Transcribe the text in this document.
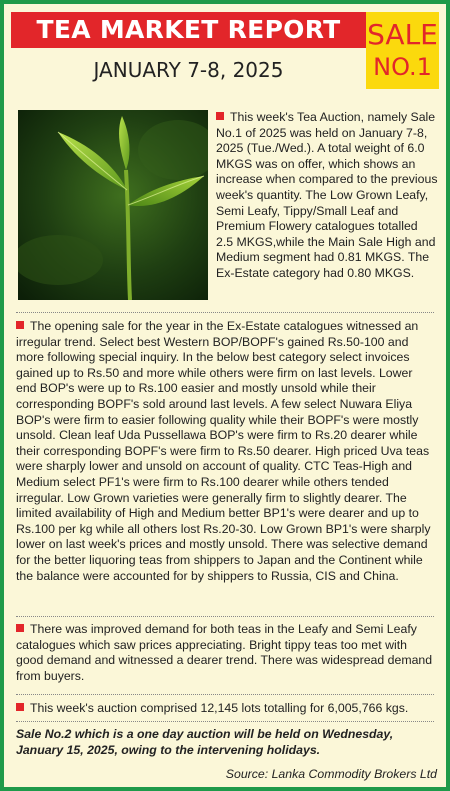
TEA MARKET REPORT
JANUARY 7-8, 2025
SALE
NO.1
This week's Tea Auction, namely Sale No.1 of 2025 was held on January 7-8, 2025 (Tue./Wed.). A total weight of 6.0 MKGS was on offer, which shows an increase when compared to the previous week's quantity. The Low Grown Leafy, Semi Leafy, Tippy/Small Leaf and Premium Flowery catalogues totalled 2.5 MKGS,while the Main Sale High and Medium segment had 0.81 MKGS. The Ex-Estate category had 0.80 MKGS.
The opening sale for the year in the Ex-Estate catalogues witnessed an irregular trend. Select best Western BOP/BOPF's gained Rs.50-100 and more following special inquiry. In the below best category select invoices gained up to Rs.50 and more while others were firm on last levels. Lower end BOP's were up to Rs.100 easier and mostly unsold while their corresponding BOPF's sold around last levels. A few select Nuwara Eliya BOP's were firm to easier following quality while their BOPF's were mostly unsold. Clean leaf Uda Pussellawa BOP's were firm to Rs.20 dearer while their corresponding BOPF's were firm to Rs.50 dearer. High priced Uva teas were sharply lower and unsold on account of quality. CTC Teas-High and Medium select PF1's were firm to Rs.100 dearer while others tended irregular. Low Grown varieties were generally firm to slightly dearer. The limited availability of High and Medium better BP1's were dearer and up to Rs.100 per kg while all others lost Rs.20-30. Low Grown BP1's were sharply lower on last week's prices and mostly unsold. There was selective demand for the better liquoring teas from shippers to Japan and the Continent while the balance were accounted for by shippers to Russia, CIS and China.
There was improved demand for both teas in the Leafy and Semi Leafy catalogues which saw prices appreciating. Bright tippy teas too met with good demand and witnessed a dearer trend. There was widespread demand from buyers.
This week's auction comprised 12,145 lots totalling for 6,005,766 kgs.
Sale No.2 which is a one day auction will be held on Wednesday, January 15, 2025, owing to the intervening holidays.
Source: Lanka Commodity Brokers Ltd
